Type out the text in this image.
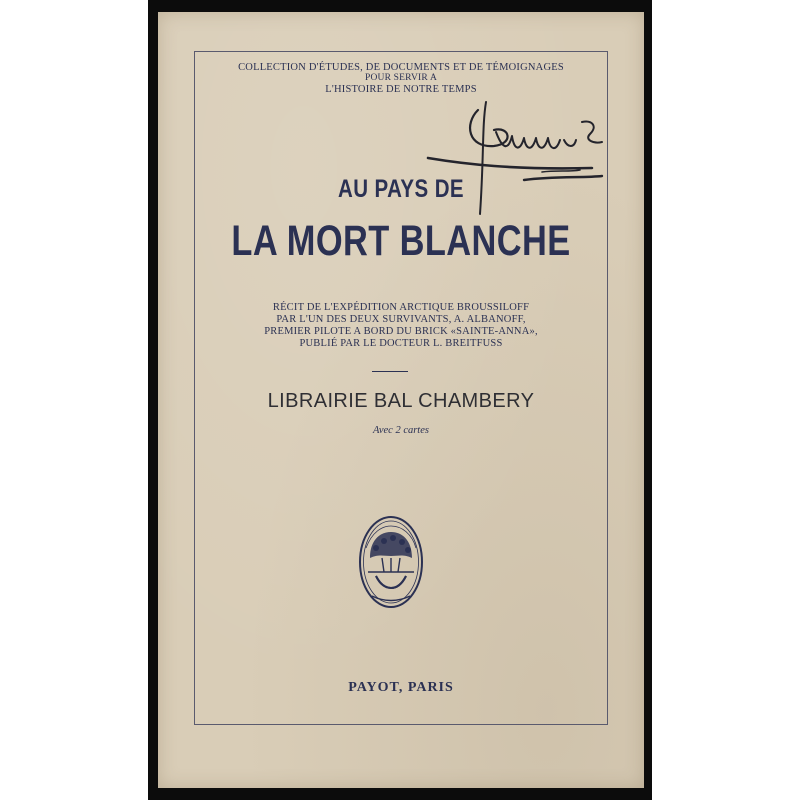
COLLECTION D'ÉTUDES, DE DOCUMENTS ET DE TÉMOIGNAGES
POUR SERVIR A
L'HISTOIRE DE NOTRE TEMPS
AU PAYS DE
LA MORT BLANCHE
RÉCIT DE L'EXPÉDITION ARCTIQUE BROUSSILOFF
PAR L'UN DES DEUX SURVIVANTS, A. ALBANOFF,
PREMIER PILOTE A BORD DU BRICK «SAINTE-ANNA»,
PUBLIÉ PAR LE DOCTEUR L. BREITFUSS
LIBRAIRIE BAL CHAMBERY
Avec 2 cartes
PAYOT, PARIS
